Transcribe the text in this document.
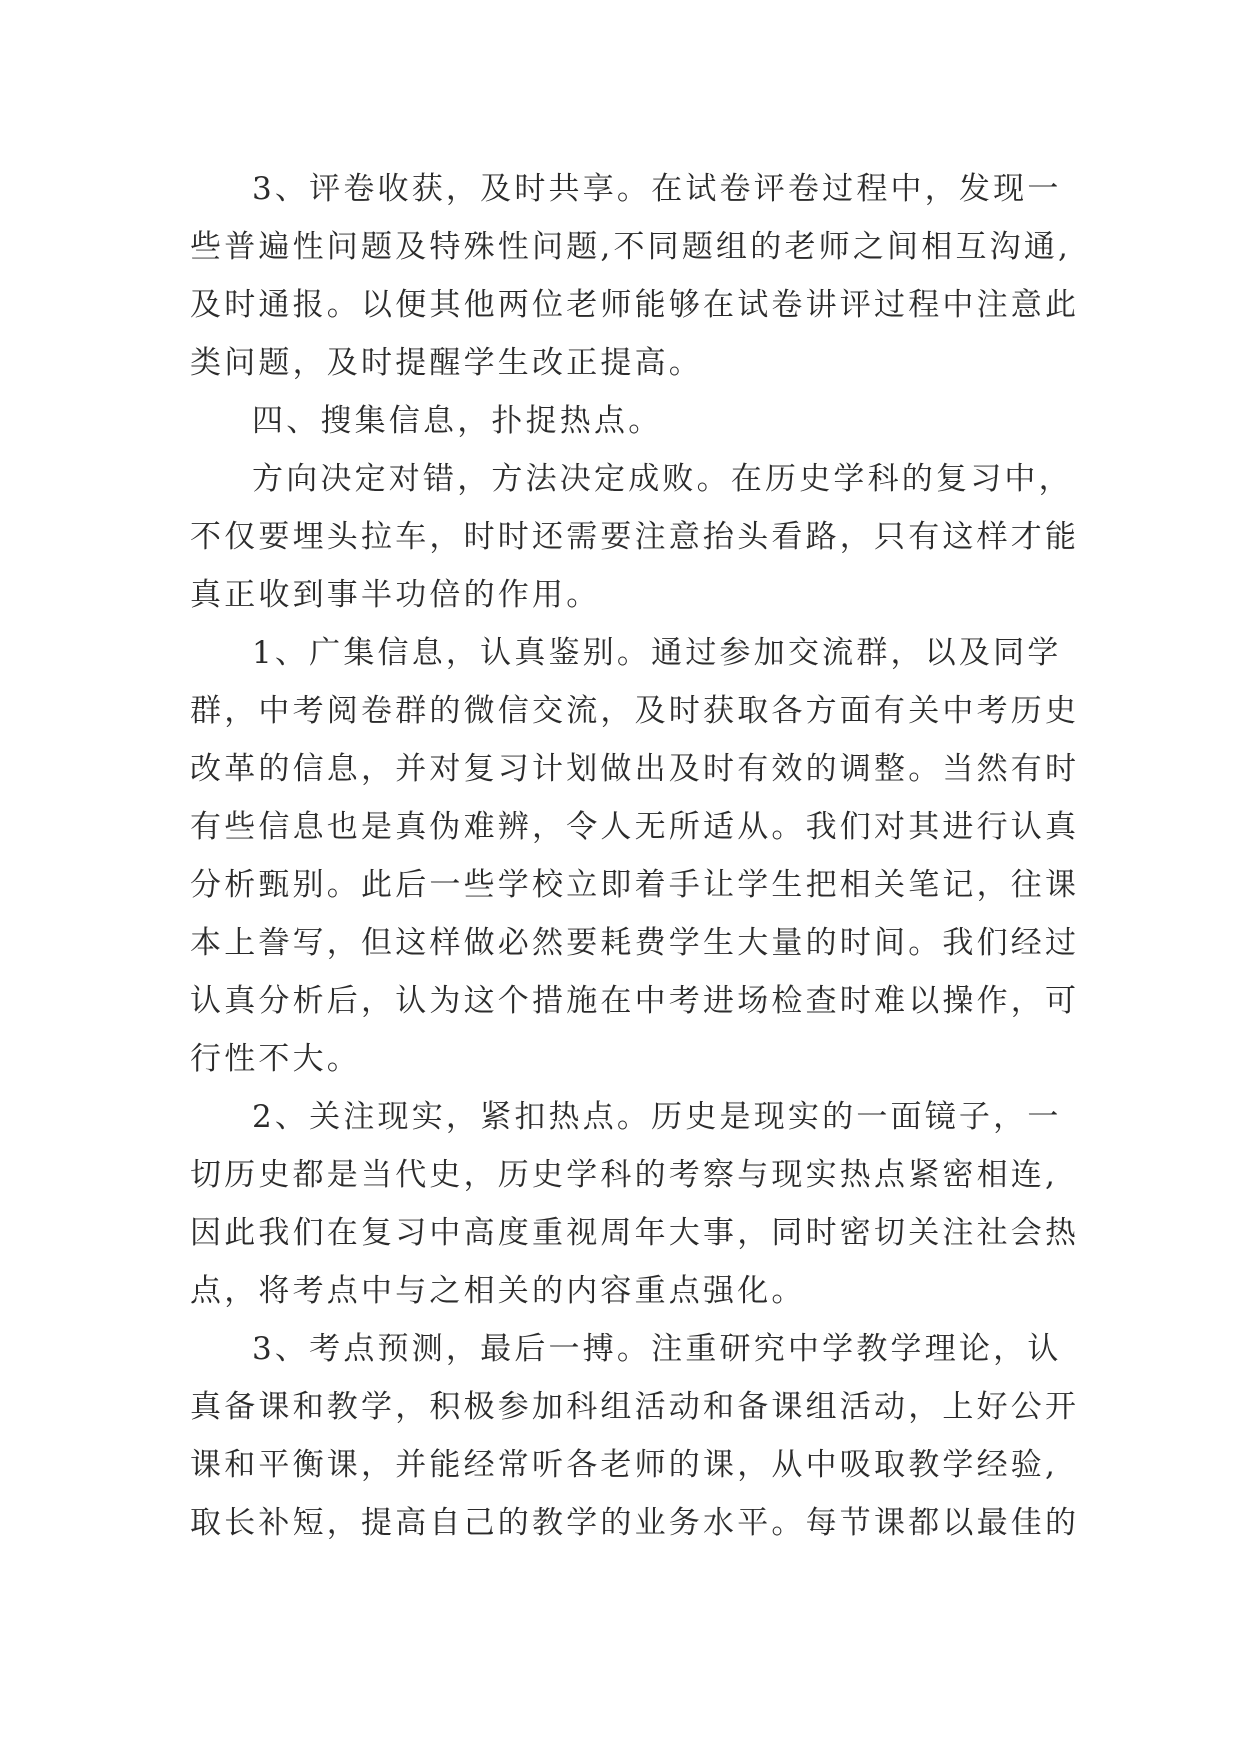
3、评卷收获，及时共享。在试卷评卷过程中，发现一
些普遍性问题及特殊性问题,不同题组的老师之间相互沟通,
及时通报。以便其他两位老师能够在试卷讲评过程中注意此
类问题，及时提醒学生改正提高。
四、搜集信息，扑捉热点。
方向决定对错，方法决定成败。在历史学科的复习中，
不仅要埋头拉车，时时还需要注意抬头看路，只有这样才能
真正收到事半功倍的作用。
1、广集信息，认真鉴别。通过参加交流群，以及同学
群，中考阅卷群的微信交流，及时获取各方面有关中考历史
改革的信息，并对复习计划做出及时有效的调整。当然有时
有些信息也是真伪难辨，令人无所适从。我们对其进行认真
分析甄别。此后一些学校立即着手让学生把相关笔记，往课
本上誊写，但这样做必然要耗费学生大量的时间。我们经过
认真分析后，认为这个措施在中考进场检查时难以操作，可
行性不大。
2、关注现实，紧扣热点。历史是现实的一面镜子，一
切历史都是当代史，历史学科的考察与现实热点紧密相连,
因此我们在复习中高度重视周年大事，同时密切关注社会热
点，将考点中与之相关的内容重点强化。
3、考点预测，最后一搏。注重研究中学教学理论，认
真备课和教学，积极参加科组活动和备课组活动，上好公开
课和平衡课，并能经常听各老师的课，从中吸取教学经验,
取长补短，提高自己的教学的业务水平。每节课都以最佳的
